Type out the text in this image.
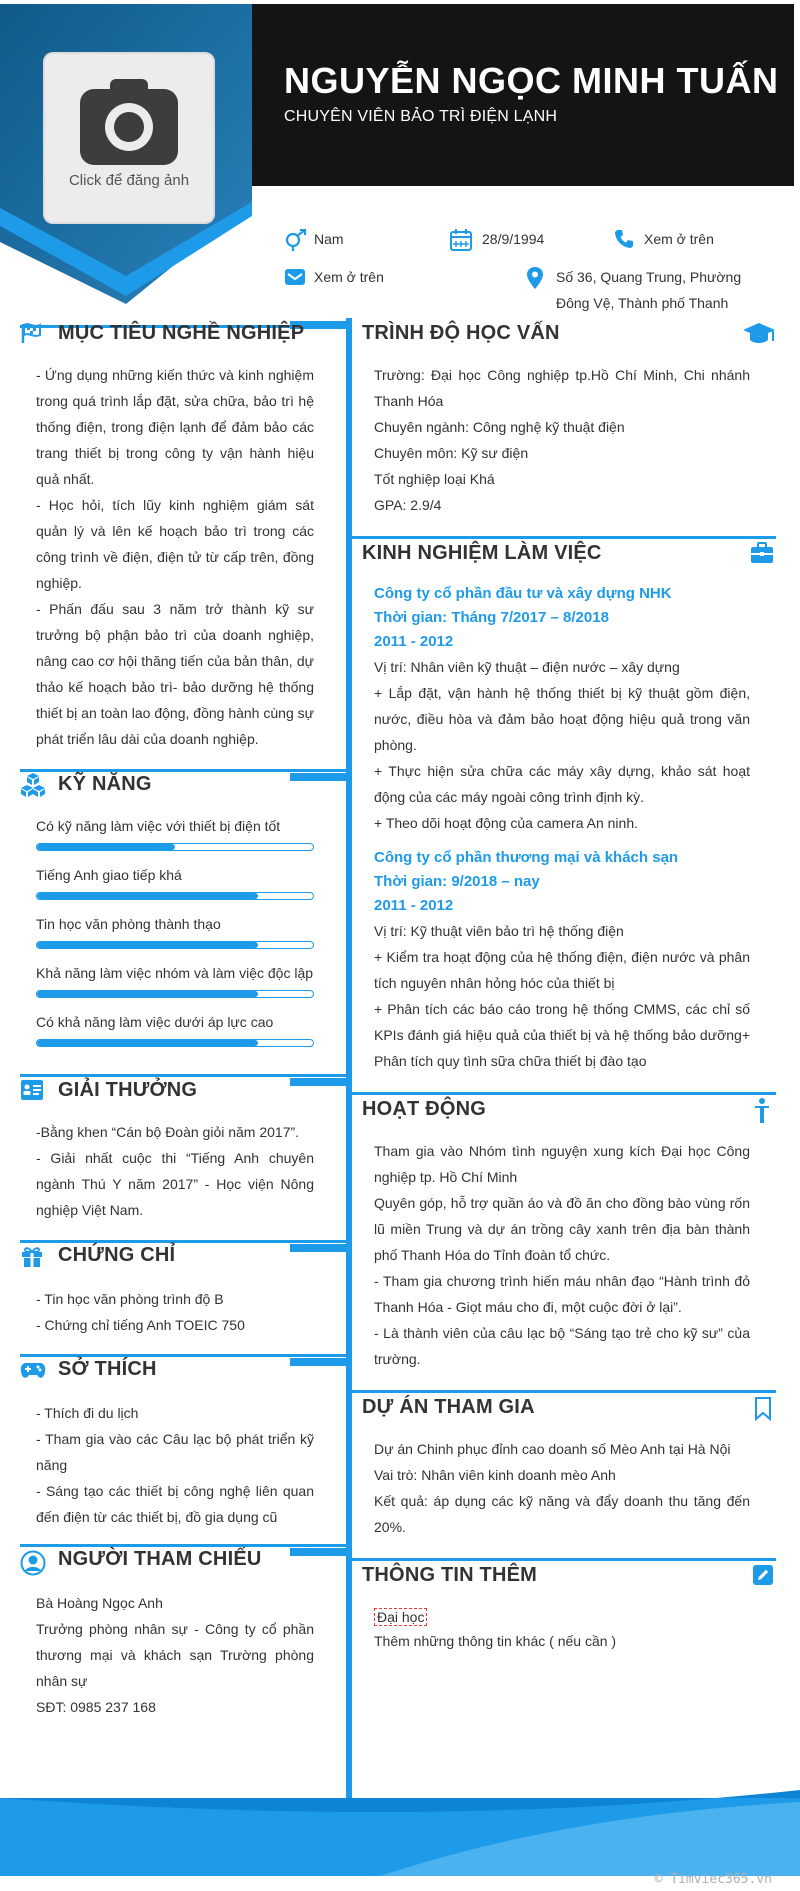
NGUYỄN NGỌC MINH TUẤN
CHUYÊN VIÊN BẢO TRÌ ĐIỆN LẠNH
Click để đăng ảnh
Nam	28/9/1994	Xem ở trên
Xem ở trên	Số 36, Quang Trung, Phường
Đông Vệ, Thành phố Thanh
MỤC TIÊU NGHỀ NGHIỆP

- Ứng dụng những kiến thức và kinh nghiệm trong quá trình lắp đặt, sửa chữa, bảo trì hệ thống điện, trong điện lạnh để đảm bảo các trang thiết bị trong công ty vận hành hiệu quả nhất.

- Học hỏi, tích lũy kinh nghiệm giám sát quản lý và lên kế hoạch bảo trì trong các công trình về điện, điện tử từ cấp trên, đồng nghiệp.

- Phấn đấu sau 3 năm trở thành kỹ sư trưởng bộ phận bảo trì của doanh nghiệp, nâng cao cơ hội thăng tiến của bản thân, dự thảo kế hoạch bảo trì- bảo dưỡng hệ thống thiết bị an toàn lao động, đồng hành cùng sự phát triển lâu dài của doanh nghiệp.

KỸ NĂNG
Có kỹ năng làm việc với thiết bị điện tốt
Tiếng Anh giao tiếp khá
Tin học văn phòng thành thạo
Khả năng làm việc nhóm và làm việc độc lập
Có khả năng làm việc dưới áp lực cao
GIẢI THƯỞNG

-Bằng khen “Cán bộ Đoàn giỏi năm 2017”.

- Giải nhất cuộc thi “Tiếng Anh chuyên ngành Thú Y năm 2017” - Học viện Nông nghiệp Việt Nam.

CHỨNG CHỈ

- Tin học văn phòng trình độ B

- Chứng chỉ tiếng Anh TOEIC 750

SỞ THÍCH

- Thích đi du lịch

- Tham gia vào các Câu lạc bộ phát triển kỹ năng

- Sáng tạo các thiết bị công nghệ liên quan đến điện từ các thiết bị, đồ gia dụng cũ

NGƯỜI THAM CHIẾU

Bà Hoàng Ngọc Anh

Trưởng phòng nhân sự - Công ty cổ phần thương mại và khách sạn Trường phòng nhân sự

SĐT: 0985 237 168

TRÌNH ĐỘ HỌC VẤN
Trường: Đại học Công nghiệp tp.Hồ Chí Minh, Chi nhánh Thanh Hóa
Chuyên ngành: Công nghệ kỹ thuật điện
Chuyên môn: Kỹ sư điện
Tốt nghiệp loại Khá
GPA: 2.9/4
KINH NGHIỆM LÀM VIỆC
Công ty cổ phần đầu tư và xây dựng NHK
Thời gian: Tháng 7/2017 – 8/2018
2011 - 2012
Vị trí: Nhân viên kỹ thuật – điện nước – xây dựng

+ Lắp đặt, vận hành hệ thống thiết bị kỹ thuật gồm điện, nước, điều hòa và đảm bảo hoạt động hiệu quả trong văn phòng.

+ Thực hiện sửa chữa các máy xây dựng, khảo sát hoạt động của các máy ngoài công trình định kỳ.

+ Theo dõi hoạt động của camera An ninh.

Công ty cổ phần thương mại và khách sạn
Thời gian: 9/2018 – nay
2011 - 2012
Vị trí: Kỹ thuật viên bảo trì hệ thống điện

+ Kiểm tra hoạt động của hệ thống điện, điện nước và phân tích nguyên nhân hỏng hóc của thiết bị

+ Phân tích các báo cáo trong hệ thống CMMS, các chỉ số KPIs đánh giá hiệu quả của thiết bị và hệ thống bảo dưỡng+ Phân tích quy tình sữa chữa thiết bị đào tạo

HOẠT ĐỘNG

Tham gia vào Nhóm tình nguyện xung kích Đại học Công nghiệp tp. Hồ Chí Minh

Quyên góp, hỗ trợ quần áo và đồ ăn cho đồng bào vùng rốn lũ miền Trung và dự án trồng cây xanh trên địa bàn thành phố Thanh Hóa do Tỉnh đoàn tổ chức.

- Tham gia chương trình hiến máu nhân đạo “Hành trình đỏ Thanh Hóa - Giọt máu cho đi, một cuộc đời ở lại”.

- Là thành viên của câu lạc bộ “Sáng tạo trẻ cho kỹ sư” của trường.

DỰ ÁN THAM GIA

Dự án Chinh phục đỉnh cao doanh số Mèo Anh tại Hà Nội

Vai trò: Nhân viên kinh doanh mèo Anh

Kết quả: áp dụng các kỹ năng và đẩy doanh thu tăng đến 20%.

THÔNG TIN THÊM
Đại học
Thêm những thông tin khác ( nếu cần )
© Timviec365.vn
